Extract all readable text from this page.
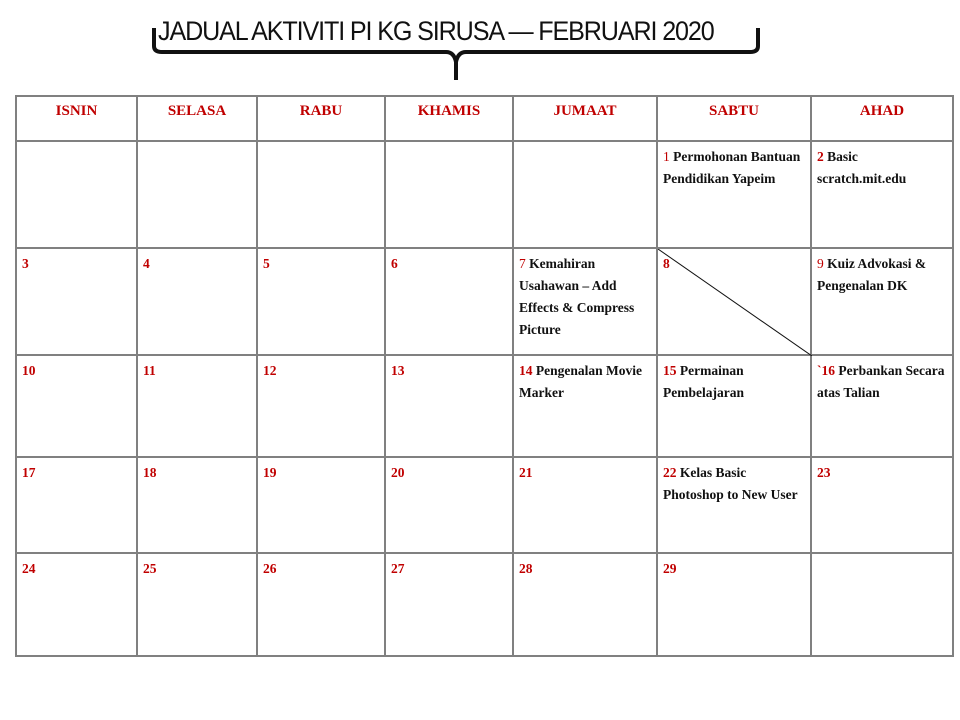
JADUAL AKTIVITI PI KG SIRUSA — FEBRUARI 2020
ISNIN	SELASA	RABU	KHAMIS	JUMAAT	SABTU	AHAD

					1 Permohonan Bantuan Pendidikan Yapeim	2 Basic scratch.mit.edu

3	4	5	6	7 Kemahiran Usahawan – Add Effects & Compress Picture	8	9 Kuiz Advokasi & Pengenalan DK

10	11	12	13	14 Pengenalan Movie Marker	15 Permainan Pembelajaran	`16 Perbankan Secara atas Talian

17	18	19	20	21	22 Kelas Basic Photoshop to New User	23

24	25	26	27	28	29	
